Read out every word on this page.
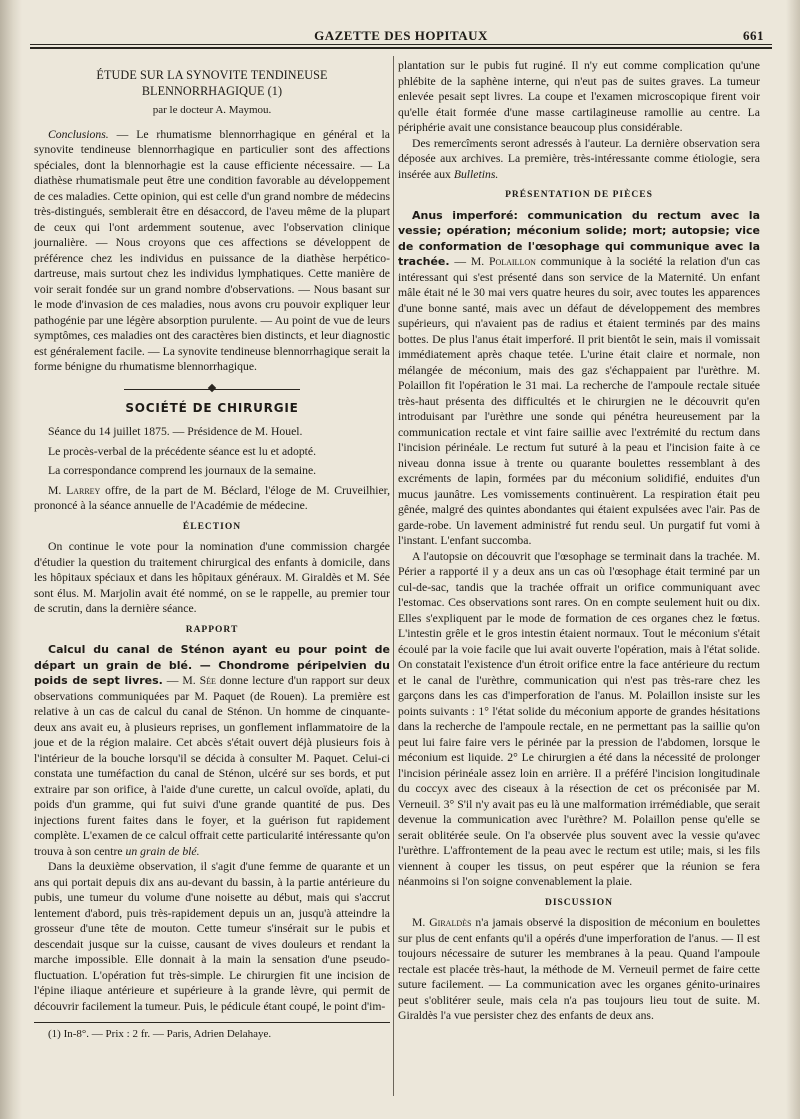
GAZETTE DES HOPITAUX	661

ÉTUDE SUR LA SYNOVITE TENDINEUSE BLENNORRHAGIQUE (1)

par le docteur A. Maymou.

Conclusions. — Le rhumatisme blennorrhagique en général et la synovite tendineuse blennorrhagique en particulier sont des affections spéciales, dont la blennorhagie est la cause efficiente nécessaire. — La diathèse rhumatismale peut être une condition favorable au développement de ces maladies. Cette opinion, qui est celle d'un grand nombre de médecins très-distingués, semblerait être en désaccord, de l'aveu même de la plupart de ceux qui l'ont ardemment soutenue, avec l'observation clinique journalière. — Nous croyons que ces affections se développent de préférence chez les individus en puissance de la diathèse herpético-dartreuse, mais surtout chez les individus lymphatiques. Cette manière de voir serait fondée sur un grand nombre d'observations. — Nous basant sur le mode d'invasion de ces maladies, nous avons cru pouvoir expliquer leur pathogénie par une légère absorption purulente. — Au point de vue de leurs symptômes, ces maladies ont des caractères bien distincts, et leur diagnostic est généralement facile. — La synovite tendineuse blennorrhagique serait la forme bénigne du rhumatisme blennorrhagique.

SOCIÉTÉ DE CHIRURGIE

Séance du 14 juillet 1875. — Présidence de M. Houel.

Le procès-verbal de la précédente séance est lu et adopté.

La correspondance comprend les journaux de la semaine.

M. Larrey offre, de la part de M. Béclard, l'éloge de M. Cruveilhier, prononcé à la séance annuelle de l'Académie de médecine.

ÉLECTION

On continue le vote pour la nomination d'une commission chargée d'étudier la question du traitement chirurgical des enfants à domicile, dans les hôpitaux spéciaux et dans les hôpitaux généraux. M. Giraldès et M. Sée sont élus. M. Marjolin avait été nommé, on se le rappelle, au premier tour de scrutin, dans la dernière séance.

RAPPORT

Calcul du canal de Sténon ayant eu pour point de départ un grain de blé. — Chondrome péripelvien du poids de sept livres. — M. Sée donne lecture d'un rapport sur deux observations communiquées par M. Paquet (de Rouen). La première est relative à un cas de calcul du canal de Sténon. Un homme de cinquante-deux ans avait eu, à plusieurs reprises, un gonflement inflammatoire de la joue et de la région malaire. Cet abcès s'était ouvert déjà plusieurs fois à l'intérieur de la bouche lorsqu'il se décida à consulter M. Paquet. Celui-ci constata une tuméfaction du canal de Sténon, ulcéré sur ses bords, et put extraire par son orifice, à l'aide d'une curette, un calcul ovoïde, aplati, du poids d'un gramme, qui fut suivi d'une grande quantité de pus. Des injections furent faites dans le foyer, et la guérison fut rapidement complète. L'examen de ce calcul offrait cette particularité intéressante qu'on trouva à son centre un grain de blé.

Dans la deuxième observation, il s'agit d'une femme de quarante et un ans qui portait depuis dix ans au-devant du bassin, à la partie antérieure du pubis, une tumeur du volume d'une noisette au début, mais qui s'accrut lentement d'abord, puis très-rapidement depuis un an, jusqu'à atteindre la grosseur d'une tête de mouton. Cette tumeur s'insérait sur le pubis et descendait jusque sur la cuisse, causant de vives douleurs et rendant la marche impossible. Elle donnait à la main la sensation d'une pseudo-fluctuation. L'opération fut très-simple. Le chirurgien fit une incision de l'épine iliaque antérieure et supérieure à la grande lèvre, qui permit de découvrir facilement la tumeur. Puis, le pédicule étant coupé, le point d'im-

(1) In-8°. — Prix : 2 fr. — Paris, Adrien Delahaye.

plantation sur le pubis fut ruginé. Il n'y eut comme complication qu'une phlébite de la saphène interne, qui n'eut pas de suites graves. La tumeur enlevée pesait sept livres. La coupe et l'examen microscopique firent voir qu'elle était formée d'une masse cartilagineuse ramollie au centre. La périphérie avait une consistance beaucoup plus considérable.

Des remercîments seront adressés à l'auteur. La dernière observation sera déposée aux archives. La première, très-intéressante comme étiologie, sera insérée aux Bulletins.

PRÉSENTATION DE PIÈCES

Anus imperforé: communication du rectum avec la vessie; opération; méconium solide; mort; autopsie; vice de conformation de l'œsophage qui communique avec la trachée. — M. Polaillon communique à la société la relation d'un cas intéressant qui s'est présenté dans son service de la Maternité. Un enfant mâle était né le 30 mai vers quatre heures du soir, avec toutes les apparences d'une bonne santé, mais avec un défaut de développement des membres supérieurs, qui n'avaient pas de radius et étaient terminés par des mains bottes. De plus l'anus était imperforé. Il prit bientôt le sein, mais il vomissait immédiatement après chaque tetée. L'urine était claire et normale, non mélangée de méconium, mais des gaz s'échappaient par l'urèthre. M. Polaillon fit l'opération le 31 mai. La recherche de l'ampoule rectale située très-haut présenta des difficultés et le chirurgien ne le découvrit qu'en introduisant par l'urèthre une sonde qui pénétra heureusement par la communication rectale et vint faire saillie avec l'extrémité du rectum dans l'incision périnéale. Le rectum fut suturé à la peau et l'incision faite à ce niveau donna issue à trente ou quarante boulettes ressemblant à des excréments de lapin, formées par du méconium solidifié, enduites d'un mucus jaunâtre. Les vomissements continuèrent. La respiration était peu gênée, malgré des quintes abondantes qui étaient expulsées avec l'air. Pas de garde-robe. Un lavement administré fut rendu seul. Un purgatif fut vomi à l'instant. L'enfant succomba.

A l'autopsie on découvrit que l'œsophage se terminait dans la trachée. M. Périer a rapporté il y a deux ans un cas où l'œsophage était terminé par un cul-de-sac, tandis que la trachée offrait un orifice communiquant avec l'estomac. Ces observations sont rares. On en compte seulement huit ou dix. Elles s'expliquent par le mode de formation de ces organes chez le fœtus. L'intestin grêle et le gros intestin étaient normaux. Tout le méconium s'était écoulé par la voie facile que lui avait ouverte l'opération, mais à l'état solide. On constatait l'existence d'un étroit orifice entre la face antérieure du rectum et le canal de l'urèthre, communication qui n'est pas très-rare chez les garçons dans les cas d'imperforation de l'anus. M. Polaillon insiste sur les points suivants : 1° l'état solide du méconium apporte de grandes hésitations dans la recherche de l'ampoule rectale, en ne permettant pas la saillie qu'on peut lui faire faire vers le périnée par la pression de l'abdomen, lorsque le méconium est liquide. 2° Le chirurgien a été dans la nécessité de prolonger l'incision périnéale assez loin en arrière. Il a préféré l'incision longitudinale du coccyx avec des ciseaux à la résection de cet os préconisée par M. Verneuil. 3° S'il n'y avait pas eu là une malformation irrémédiable, que serait devenue la communication avec l'urèthre? M. Polaillon pense qu'elle se serait oblitérée seule. On l'a observée plus souvent avec la vessie qu'avec l'urèthre. L'affrontement de la peau avec le rectum est utile; mais, si les fils viennent à couper les tissus, on peut espérer que la réunion se fera néanmoins si l'on soigne convenablement la plaie.

DISCUSSION

M. Giraldès n'a jamais observé la disposition de méconium en boulettes sur plus de cent enfants qu'il a opérés d'une imperforation de l'anus. — Il est toujours nécessaire de suturer les membranes à la peau. Quand l'ampoule rectale est placée très-haut, la méthode de M. Verneuil permet de faire cette suture facilement. — La communication avec les organes génito-urinaires peut s'oblitérer seule, mais cela n'a pas toujours lieu tout de suite. M. Giraldès l'a vue persister chez des enfants de deux ans.
